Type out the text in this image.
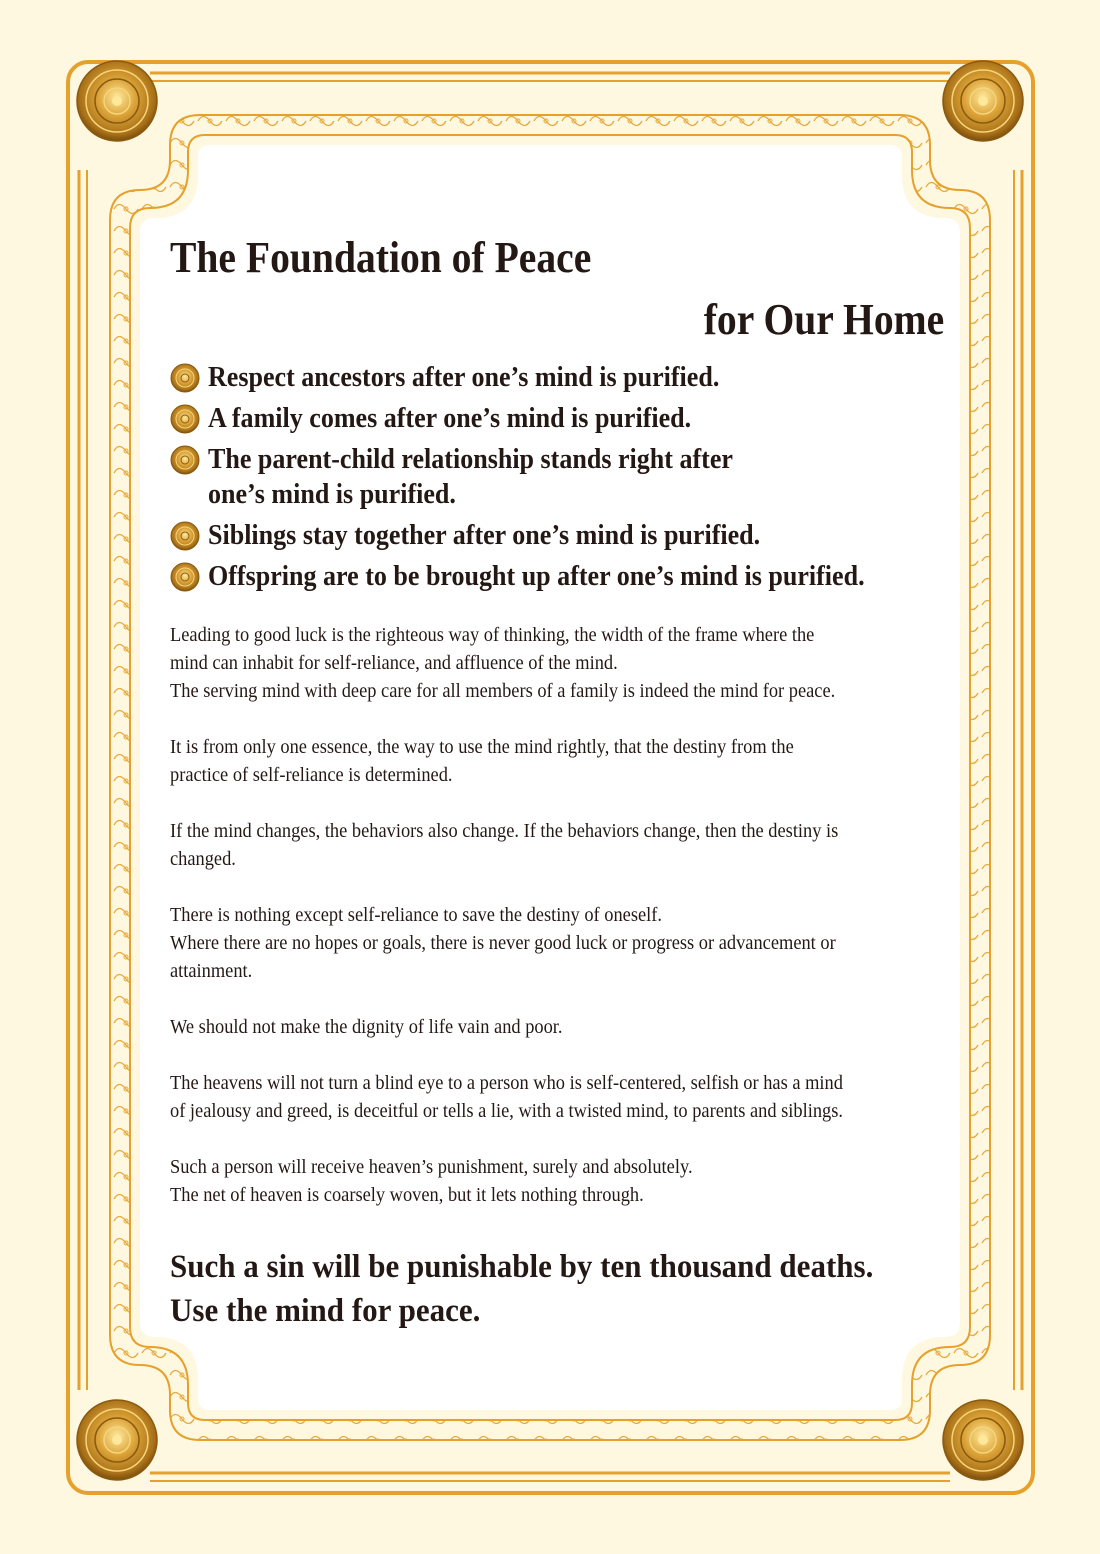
The Foundation of Peace
for Our Home
Respect ancestors after one’s mind is purified.
A family comes after one’s mind is purified.
The parent-child relationship stands right after
one’s mind is purified.
Siblings stay together after one’s mind is purified.
Offspring are to be brought up after one’s mind is purified.

Leading to good luck is the righteous way of thinking, the width of the frame where the
mind can inhabit for self-reliance, and affluence of the mind.
The serving mind with deep care for all members of a family is indeed the mind for peace.

It is from only one essence, the way to use the mind rightly, that the destiny from the
practice of self-reliance is determined.

If the mind changes, the behaviors also change. If the behaviors change, then the destiny is
changed.

There is nothing except self-reliance to save the destiny of oneself.
Where there are no hopes or goals, there is never good luck or progress or advancement or
attainment.

We should not make the dignity of life vain and poor.

The heavens will not turn a blind eye to a person who is self-centered, selfish or has a mind
of jealousy and greed, is deceitful or tells a lie, with a twisted mind, to parents and siblings.

Such a person will receive heaven’s punishment, surely and absolutely.
The net of heaven is coarsely woven, but it lets nothing through.

Such a sin will be punishable by ten thousand deaths.
Use the mind for peace.
